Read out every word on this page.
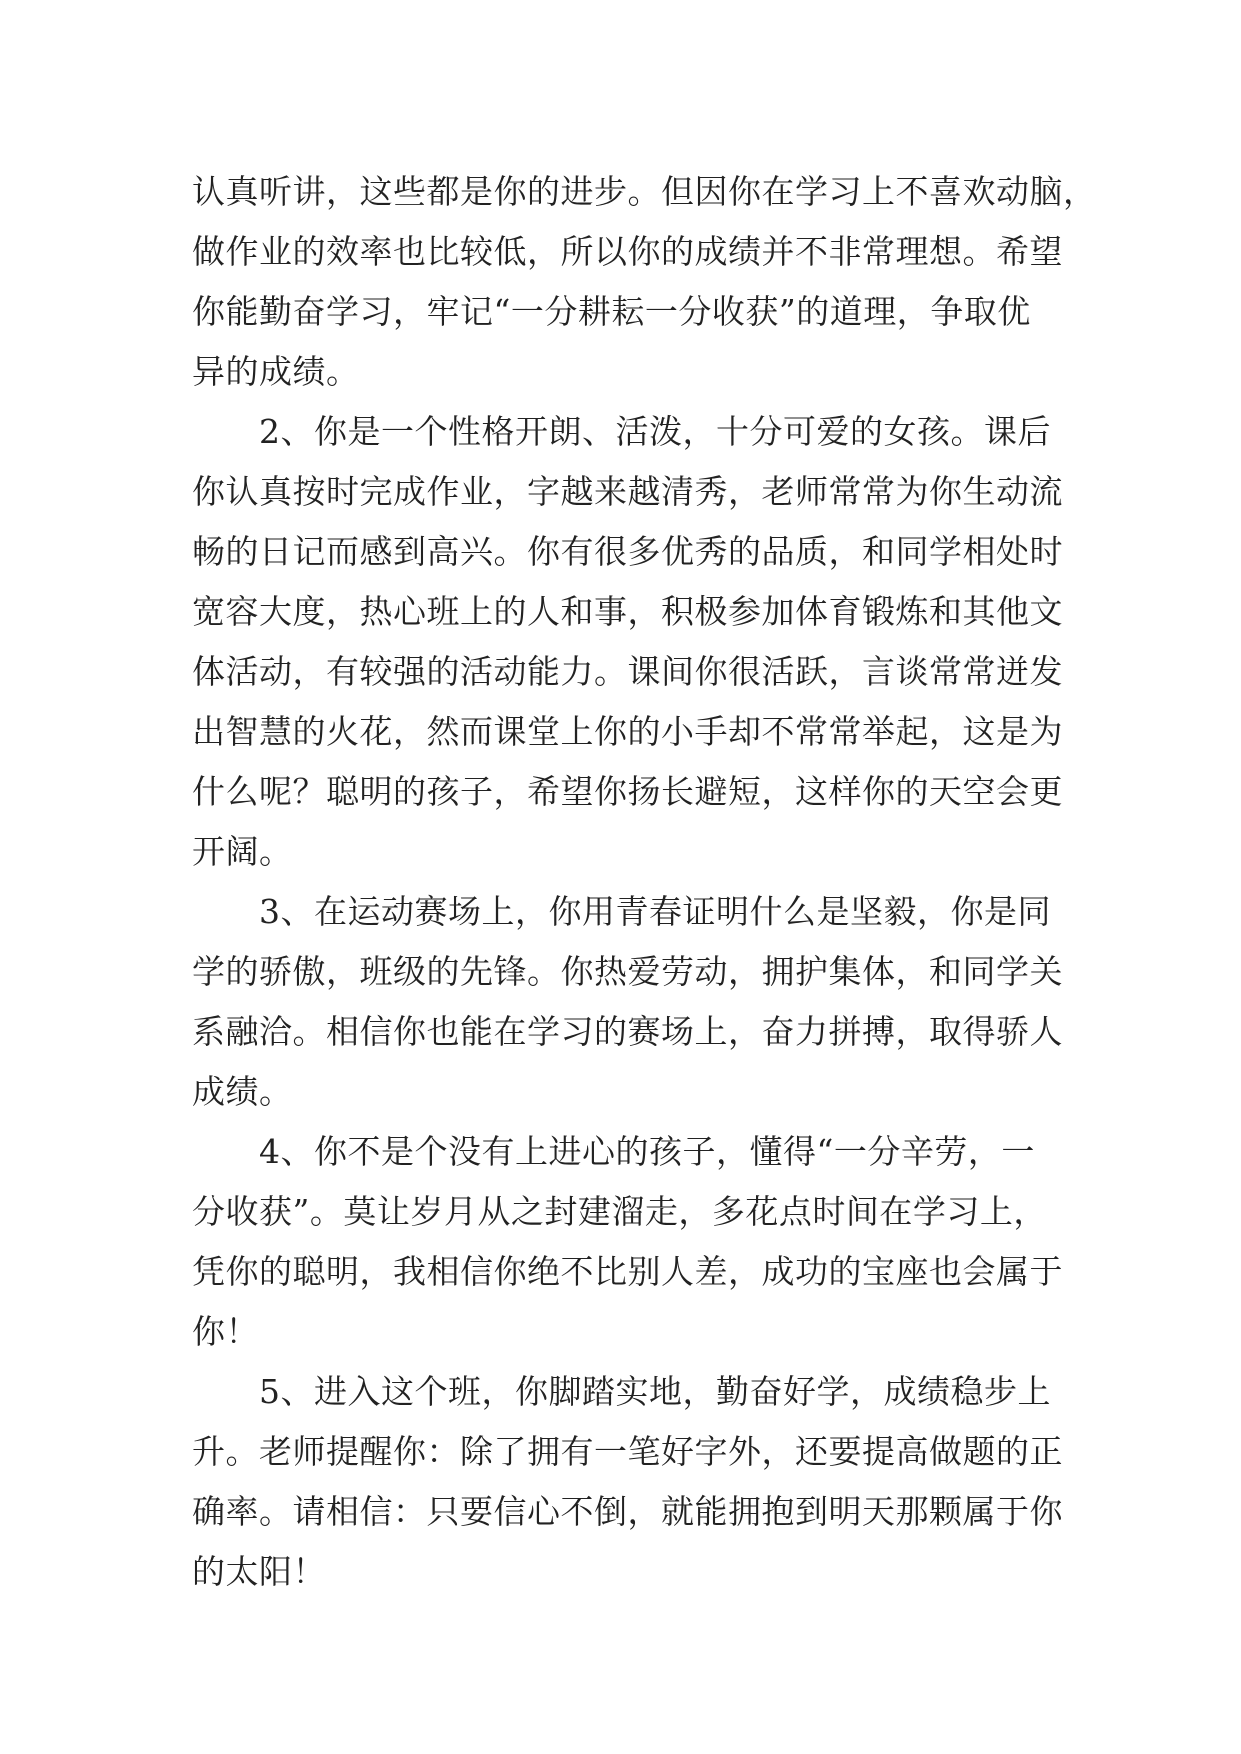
认真听讲，这些都是你的进步。但因你在学习上不喜欢动脑，
做作业的效率也比较低，所以你的成绩并不非常理想。希望
你能勤奋学习，牢记“一分耕耘一分收获”的道理，争取优
异的成绩。
　　2、你是一个性格开朗、活泼，十分可爱的女孩。课后
你认真按时完成作业，字越来越清秀，老师常常为你生动流
畅的日记而感到高兴。你有很多优秀的品质，和同学相处时
宽容大度，热心班上的人和事，积极参加体育锻炼和其他文
体活动，有较强的活动能力。课间你很活跃，言谈常常迸发
出智慧的火花，然而课堂上你的小手却不常常举起，这是为
什么呢？聪明的孩子，希望你扬长避短，这样你的天空会更
开阔。
　　3、在运动赛场上，你用青春证明什么是坚毅，你是同
学的骄傲，班级的先锋。你热爱劳动，拥护集体，和同学关
系融洽。相信你也能在学习的赛场上，奋力拼搏，取得骄人
成绩。
　　4、你不是个没有上进心的孩子，懂得“一分辛劳，一
分收获”。莫让岁月从之封建溜走，多花点时间在学习上，
凭你的聪明，我相信你绝不比别人差，成功的宝座也会属于
你！
　　5、进入这个班，你脚踏实地，勤奋好学，成绩稳步上
升。老师提醒你：除了拥有一笔好字外，还要提高做题的正
确率。请相信：只要信心不倒，就能拥抱到明天那颗属于你
的太阳！
